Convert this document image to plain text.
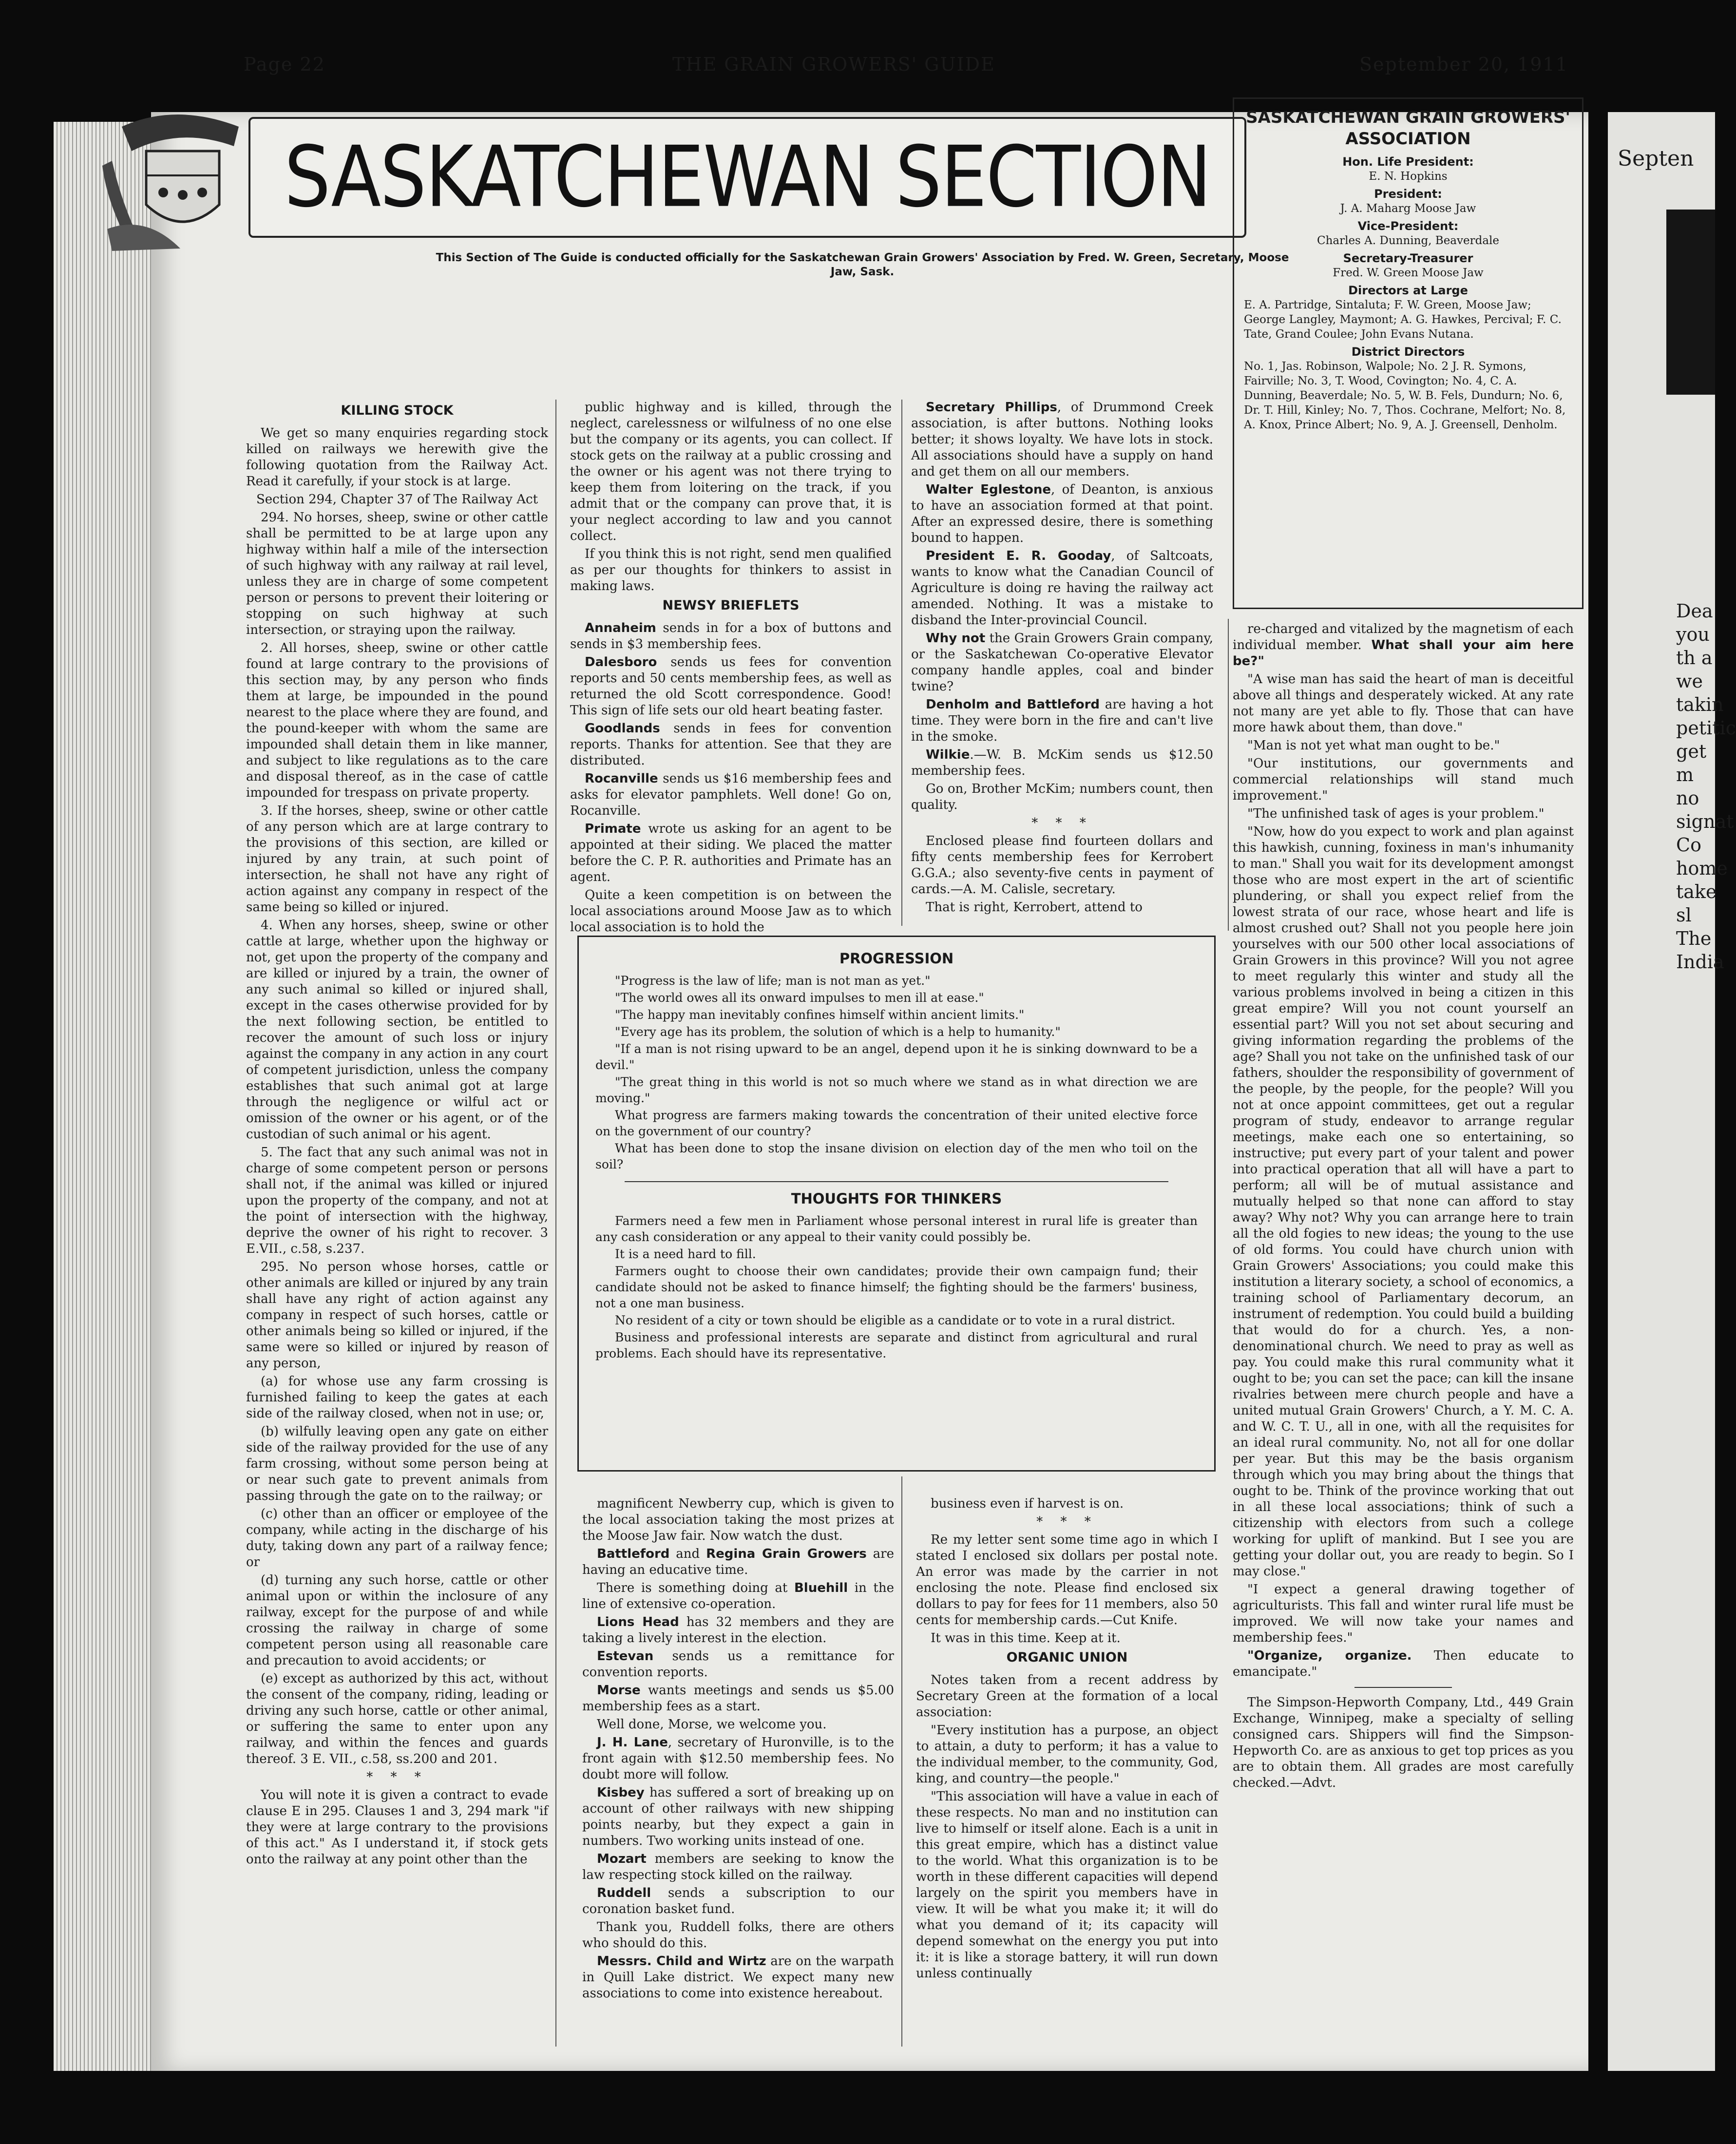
Septen
Dea you th a we takin petitic get m no signat Co home take sl The India
Page 22	THE GRAIN GROWERS' GUIDE	September 20, 1911
SASKATCHEWAN SECTION
This Section of The Guide is conducted officially for the Saskatchewan Grain Growers' Association by Fred. W. Green, Secretary, Moose Jaw, Sask.
SASKATCHEWAN GRAIN GROWERS' ASSOCIATION
Hon. Life President:
E. N. Hopkins
President:
J. A. Maharg Moose Jaw
Vice-President:
Charles A. Dunning, Beaverdale
Secretary-Treasurer
Fred. W. Green Moose Jaw
Directors at Large
E. A. Partridge, Sintaluta; F. W. Green, Moose Jaw; George Langley, Maymont; A. G. Hawkes, Percival; F. C. Tate, Grand Coulee; John Evans Nutana.
District Directors
No. 1, Jas. Robinson, Walpole; No. 2 J. R. Symons, Fairville; No. 3, T. Wood, Covington; No. 4, C. A. Dunning, Beaverdale; No. 5, W. B. Fels, Dundurn; No. 6, Dr. T. Hill, Kinley; No. 7, Thos. Cochrane, Melfort; No. 8, A. Knox, Prince Albert; No. 9, A. J. Greensell, Denholm.

KILLING STOCK

We get so many enquiries regarding stock killed on railways we herewith give the following quotation from the Railway Act. Read it carefully, if your stock is at large.

Section 294, Chapter 37 of The Railway Act

294. No horses, sheep, swine or other cattle shall be permitted to be at large upon any highway within half a mile of the intersection of such highway with any railway at rail level, unless they are in charge of some competent person or persons to prevent their loitering or stopping on such highway at such intersection, or straying upon the railway.

2. All horses, sheep, swine or other cattle found at large contrary to the provisions of this section may, by any person who finds them at large, be impounded in the pound nearest to the place where they are found, and the pound-keeper with whom the same are impounded shall detain them in like manner, and subject to like regulations as to the care and disposal thereof, as in the case of cattle impounded for trespass on private property.

3. If the horses, sheep, swine or other cattle of any person which are at large contrary to the provisions of this section, are killed or injured by any train, at such point of intersection, he shall not have any right of action against any company in respect of the same being so killed or injured.

4. When any horses, sheep, swine or other cattle at large, whether upon the highway or not, get upon the property of the company and are killed or injured by a train, the owner of any such animal so killed or injured shall, except in the cases otherwise provided for by the next following section, be entitled to recover the amount of such loss or injury against the company in any action in any court of competent jurisdiction, unless the company establishes that such animal got at large through the negligence or wilful act or omission of the owner or his agent, or of the custodian of such animal or his agent.

5. The fact that any such animal was not in charge of some competent person or persons shall not, if the animal was killed or injured upon the property of the company, and not at the point of intersection with the highway, deprive the owner of his right to recover. 3 E.VII., c.58, s.237.

295. No person whose horses, cattle or other animals are killed or injured by any train shall have any right of action against any company in respect of such horses, cattle or other animals being so killed or injured, if the same were so killed or injured by reason of any person,

(a) for whose use any farm crossing is furnished failing to keep the gates at each side of the railway closed, when not in use; or,

(b) wilfully leaving open any gate on either side of the railway provided for the use of any farm crossing, without some person being at or near such gate to prevent animals from passing through the gate on to the railway; or

(c) other than an officer or employee of the company, while acting in the discharge of his duty, taking down any part of a railway fence; or

(d) turning any such horse, cattle or other animal upon or within the inclosure of any railway, except for the purpose of and while crossing the railway in charge of some competent person using all reasonable care and precaution to avoid accidents; or

(e) except as authorized by this act, without the consent of the company, riding, leading or driving any such horse, cattle or other animal, or suffering the same to enter upon any railway, and within the fences and guards thereof. 3 E. VII., c.58, ss.200 and 201.

* * *

You will note it is given a contract to evade clause E in 295. Clauses 1 and 3, 294 mark "if they were at large contrary to the provisions of this act." As I understand it, if stock gets onto the railway at any point other than the

public highway and is killed, through the neglect, carelessness or wilfulness of no one else but the company or its agents, you can collect. If stock gets on the railway at a public crossing and the owner or his agent was not there trying to keep them from loitering on the track, if you admit that or the company can prove that, it is your neglect according to law and you cannot collect.

If you think this is not right, send men qualified as per our thoughts for thinkers to assist in making laws.

NEWSY BRIEFLETS

Annaheim sends in for a box of buttons and sends in $3 membership fees.

Dalesboro sends us fees for convention reports and 50 cents membership fees, as well as returned the old Scott correspondence. Good! This sign of life sets our old heart beating faster.

Goodlands sends in fees for convention reports. Thanks for attention. See that they are distributed.

Rocanville sends us $16 membership fees and asks for elevator pamphlets. Well done! Go on, Rocanville.

Primate wrote us asking for an agent to be appointed at their siding. We placed the matter before the C. P. R. authorities and Primate has an agent.

Quite a keen competition is on between the local associations around Moose Jaw as to which local association is to hold the

Secretary Phillips, of Drummond Creek association, is after buttons. Nothing looks better; it shows loyalty. We have lots in stock. All associations should have a supply on hand and get them on all our members.

Walter Eglestone, of Deanton, is anxious to have an association formed at that point. After an expressed desire, there is something bound to happen.

President E. R. Gooday, of Saltcoats, wants to know what the Canadian Council of Agriculture is doing re having the railway act amended. Nothing. It was a mistake to disband the Inter-provincial Council.

Why not the Grain Growers Grain company, or the Saskatchewan Co-operative Elevator company handle apples, coal and binder twine?

Denholm and Battleford are having a hot time. They were born in the fire and can't live in the smoke.

Wilkie.—W. B. McKim sends us $12.50 membership fees.

Go on, Brother McKim; numbers count, then quality.

* * *

Enclosed please find fourteen dollars and fifty cents membership fees for Kerrobert G.G.A.; also seventy-five cents in payment of cards.—A. M. Calisle, secretary.

That is right, Kerrobert, attend to

re-charged and vitalized by the magnetism of each individual member. What shall your aim here be?"

"A wise man has said the heart of man is deceitful above all things and desperately wicked. At any rate not many are yet able to fly. Those that can have more hawk about them, than dove."

"Man is not yet what man ought to be."

"Our institutions, our governments and commercial relationships will stand much improvement."

"The unfinished task of ages is your problem."

"Now, how do you expect to work and plan against this hawkish, cunning, foxiness in man's inhumanity to man." Shall you wait for its development amongst those who are most expert in the art of scientific plundering, or shall you expect relief from the lowest strata of our race, whose heart and life is almost crushed out? Shall not you people here join yourselves with our 500 other local associations of Grain Growers in this province? Will you not agree to meet regularly this winter and study all the various problems involved in being a citizen in this great empire? Will you not count yourself an essential part? Will you not set about securing and giving information regarding the problems of the age? Shall you not take on the unfinished task of our fathers, shoulder the responsibility of government of the people, by the people, for the people? Will you not at once appoint committees, get out a regular program of study, endeavor to arrange regular meetings, make each one so entertaining, so instructive; put every part of your talent and power into practical operation that all will have a part to perform; all will be of mutual assistance and mutually helped so that none can afford to stay away? Why not? Why you can arrange here to train all the old fogies to new ideas; the young to the use of old forms. You could have church union with Grain Growers' Associations; you could make this institution a literary society, a school of economics, a training school of Parliamentary decorum, an instrument of redemption. You could build a building that would do for a church. Yes, a non-denominational church. We need to pray as well as pay. You could make this rural community what it ought to be; you can set the pace; can kill the insane rivalries between mere church people and have a united mutual Grain Growers' Church, a Y. M. C. A. and W. C. T. U., all in one, with all the requisites for an ideal rural community. No, not all for one dollar per year. But this may be the basis organism through which you may bring about the things that ought to be. Think of the province working that out in all these local associations; think of such a citizenship with electors from such a college working for uplift of mankind. But I see you are getting your dollar out, you are ready to begin. So I may close."

"I expect a general drawing together of agriculturists. This fall and winter rural life must be improved. We will now take your names and membership fees."

"Organize, organize. Then educate to emancipate."

The Simpson-Hepworth Company, Ltd., 449 Grain Exchange, Winnipeg, make a specialty of selling consigned cars. Shippers will find the Simpson-Hepworth Co. are as anxious to get top prices as you are to obtain them. All grades are most carefully checked.—Advt.

PROGRESSION

"Progress is the law of life; man is not man as yet."

"The world owes all its onward impulses to men ill at ease."

"The happy man inevitably confines himself within ancient limits."

"Every age has its problem, the solution of which is a help to humanity."

"If a man is not rising upward to be an angel, depend upon it he is sinking downward to be a devil."

"The great thing in this world is not so much where we stand as in what direction we are moving."

What progress are farmers making towards the concentration of their united elective force on the government of our country?

What has been done to stop the insane division on election day of the men who toil on the soil?

THOUGHTS FOR THINKERS

Farmers need a few men in Parliament whose personal interest in rural life is greater than any cash consideration or any appeal to their vanity could possibly be.

It is a need hard to fill.

Farmers ought to choose their own candidates; provide their own campaign fund; their candidate should not be asked to finance himself; the fighting should be the farmers' business, not a one man business.

No resident of a city or town should be eligible as a candidate or to vote in a rural district.

Business and professional interests are separate and distinct from agricultural and rural problems. Each should have its representative.

magnificent Newberry cup, which is given to the local association taking the most prizes at the Moose Jaw fair. Now watch the dust.

Battleford and Regina Grain Growers are having an educative time.

There is something doing at Bluehill in the line of extensive co-operation.

Lions Head has 32 members and they are taking a lively interest in the election.

Estevan sends us a remittance for convention reports.

Morse wants meetings and sends us $5.00 membership fees as a start.

Well done, Morse, we welcome you.

J. H. Lane, secretary of Huronville, is to the front again with $12.50 membership fees. No doubt more will follow.

Kisbey has suffered a sort of breaking up on account of other railways with new shipping points nearby, but they expect a gain in numbers. Two working units instead of one.

Mozart members are seeking to know the law respecting stock killed on the railway.

Ruddell sends a subscription to our coronation basket fund.

Thank you, Ruddell folks, there are others who should do this.

Messrs. Child and Wirtz are on the warpath in Quill Lake district. We expect many new associations to come into existence hereabout.

business even if harvest is on.

* * *

Re my letter sent some time ago in which I stated I enclosed six dollars per postal note. An error was made by the carrier in not enclosing the note. Please find enclosed six dollars to pay for fees for 11 members, also 50 cents for membership cards.—Cut Knife.

It was in this time. Keep at it.

ORGANIC UNION

Notes taken from a recent address by Secretary Green at the formation of a local association:

"Every institution has a purpose, an object to attain, a duty to perform; it has a value to the individual member, to the community, God, king, and country—the people."

"This association will have a value in each of these respects. No man and no institution can live to himself or itself alone. Each is a unit in this great empire, which has a distinct value to the world. What this organization is to be worth in these different capacities will depend largely on the spirit you members have in view. It will be what you make it; it will do what you demand of it; its capacity will depend somewhat on the energy you put into it: it is like a storage battery, it will run down unless continually
